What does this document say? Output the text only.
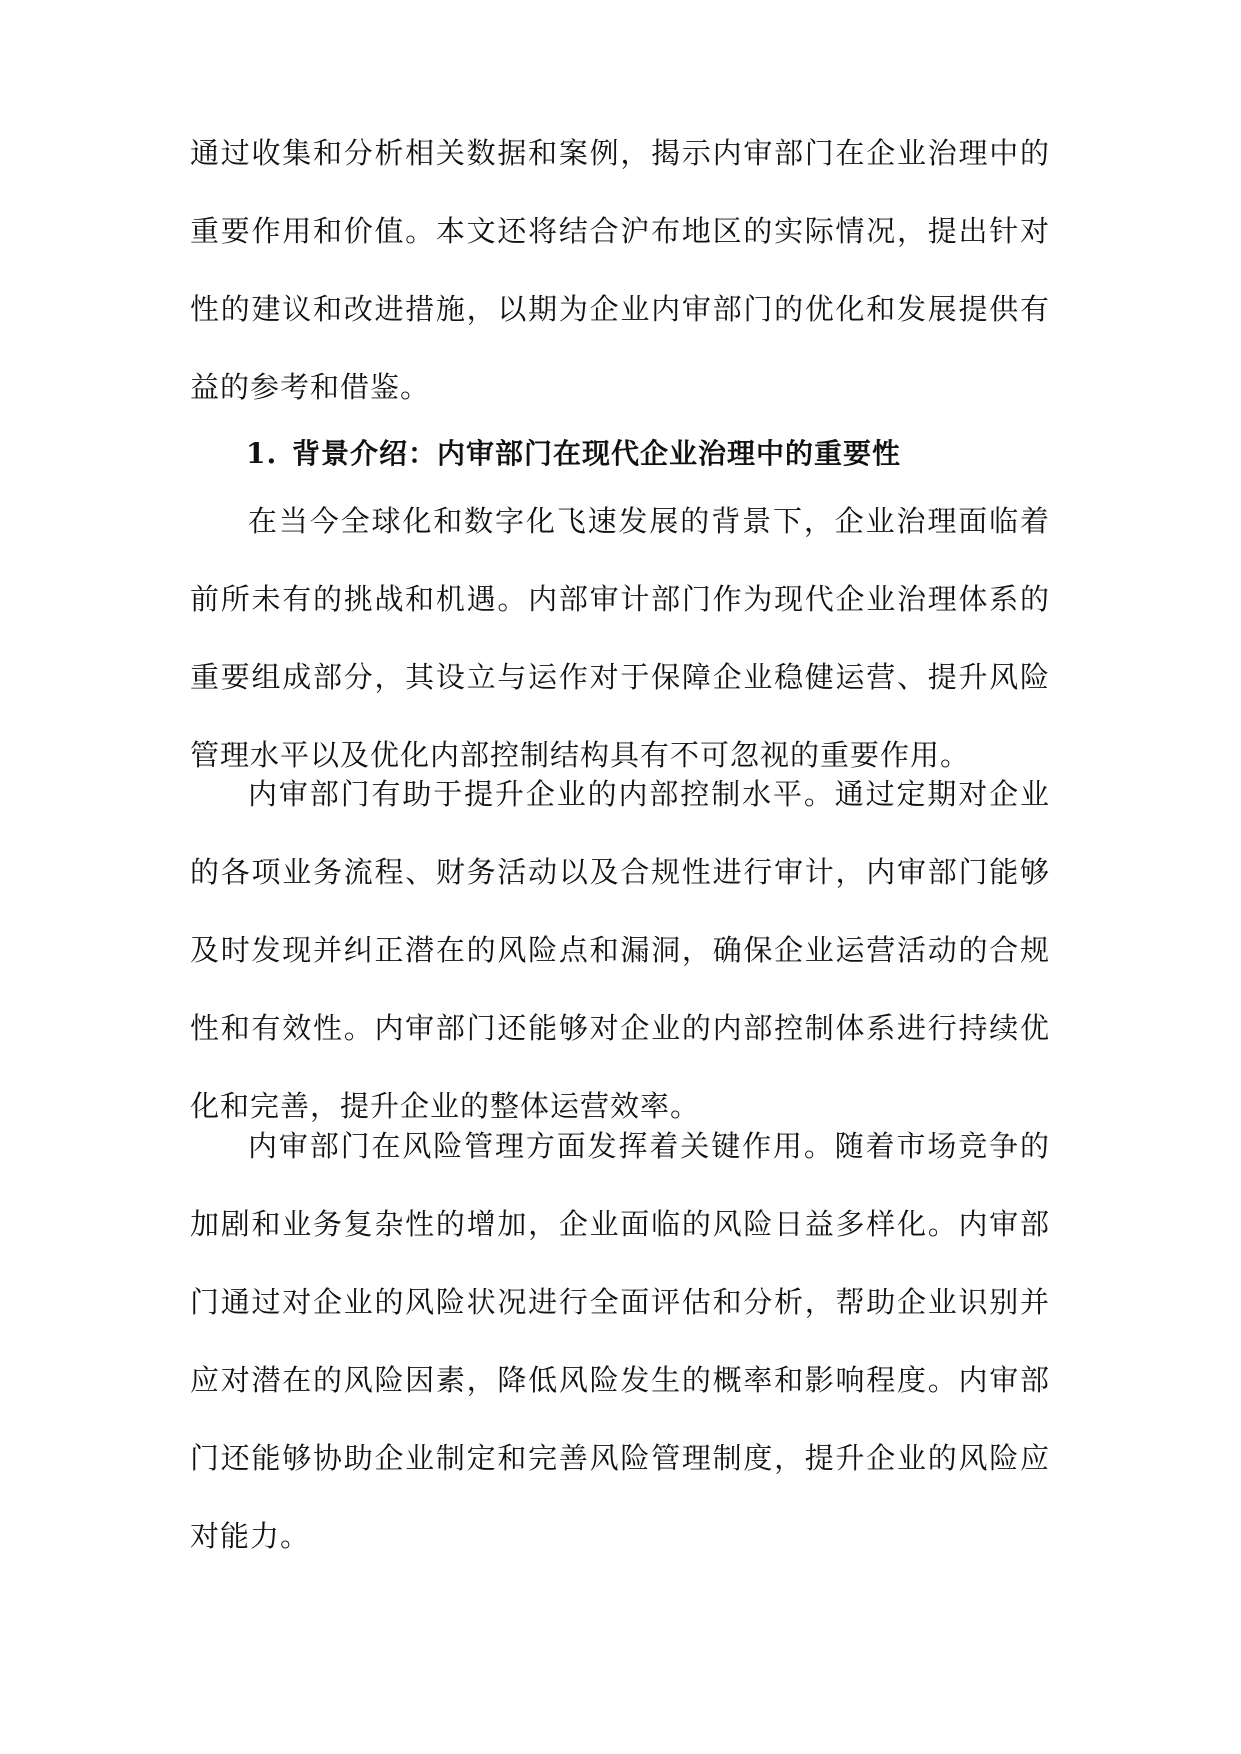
通过收集和分析相关数据和案例，揭示内审部门在企业治理中的重要作用和价值。本文还将结合沪布地区的实际情况，提出针对性的建议和改进措施，以期为企业内审部门的优化和发展提供有益的参考和借鉴。

1. 背景介绍：内审部门在现代企业治理中的重要性

在当今全球化和数字化飞速发展的背景下，企业治理面临着前所未有的挑战和机遇。内部审计部门作为现代企业治理体系的重要组成部分，其设立与运作对于保障企业稳健运营、提升风险管理水平以及优化内部控制结构具有不可忽视的重要作用。

内审部门有助于提升企业的内部控制水平。通过定期对企业的各项业务流程、财务活动以及合规性进行审计，内审部门能够及时发现并纠正潜在的风险点和漏洞，确保企业运营活动的合规性和有效性。内审部门还能够对企业的内部控制体系进行持续优化和完善，提升企业的整体运营效率。

内审部门在风险管理方面发挥着关键作用。随着市场竞争的加剧和业务复杂性的增加，企业面临的风险日益多样化。内审部门通过对企业的风险状况进行全面评估和分析，帮助企业识别并应对潜在的风险因素，降低风险发生的概率和影响程度。内审部门还能够协助企业制定和完善风险管理制度，提升企业的风险应对能力。
